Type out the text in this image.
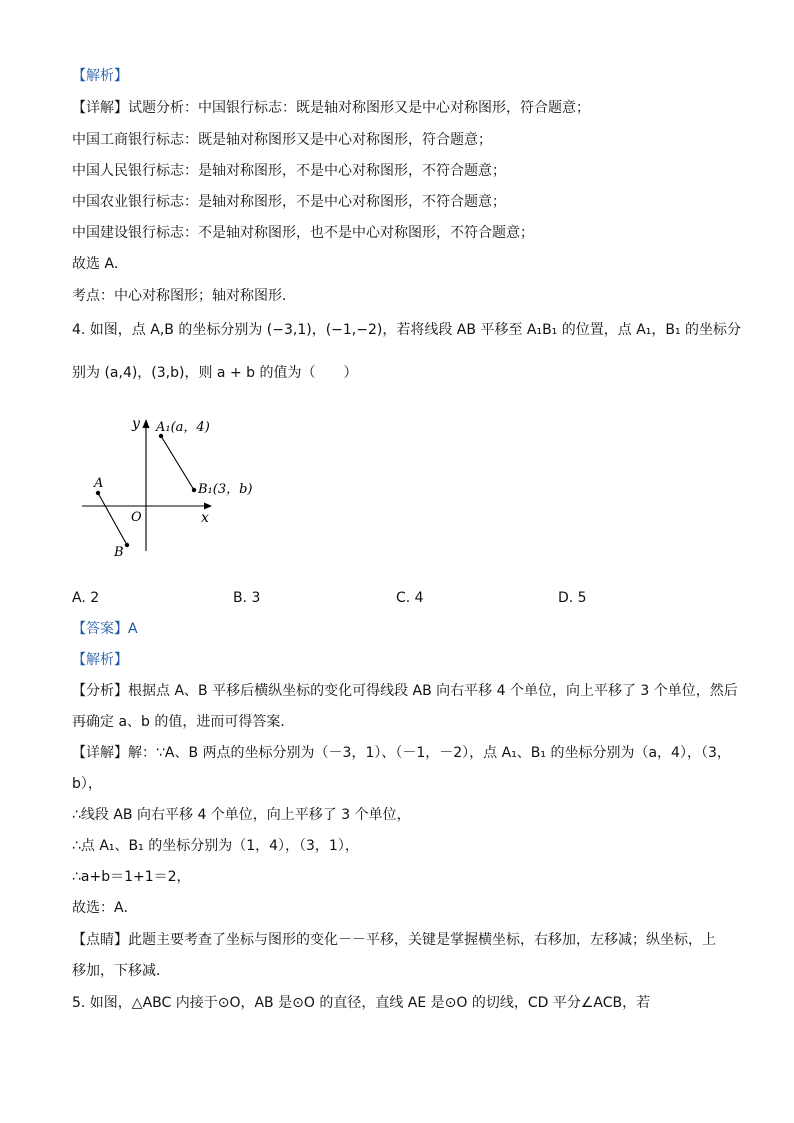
【解析】
【详解】试题分析：中国银行标志：既是轴对称图形又是中心对称图形，符合题意；
中国工商银行标志：既是轴对称图形又是中心对称图形，符合题意；
中国人民银行标志：是轴对称图形，不是中心对称图形，不符合题意；
中国农业银行标志：是轴对称图形，不是中心对称图形，不符合题意；
中国建设银行标志：不是轴对称图形，也不是中心对称图形，不符合题意；
故选 A．
考点：中心对称图形；轴对称图形．
4. 如图，点 A,B 的坐标分别为 (−3,1)，(−1,−2)，若将线段 AB 平移至 A₁B₁ 的位置，点 A₁，B₁ 的坐标分
别为 (a,4)，(3,b)，则 a + b 的值为（　　）
y
x
O
A
B
A₁(a，4)
B₁(3，b)
A. 2	B. 3	C. 4	D. 5
【答案】A
【解析】
【分析】根据点 A、B 平移后横纵坐标的变化可得线段 AB 向右平移 4 个单位，向上平移了 3 个单位，然后
再确定 a、b 的值，进而可得答案．
【详解】解：∵A、B 两点的坐标分别为（－3，1）、（－1，－2），点 A₁、B₁ 的坐标分别为（a，4），（3，
b），
∴线段 AB 向右平移 4 个单位，向上平移了 3 个单位，
∴点 A₁、B₁ 的坐标分别为（1，4），（3，1），
∴a+b＝1+1＝2，
故选：A．
【点睛】此题主要考查了坐标与图形的变化－－平移，关键是掌握横坐标，右移加，左移减；纵坐标，上
移加，下移减．
5. 如图，△ABC 内接于⊙O，AB 是⊙O 的直径，直线 AE 是⊙O 的切线，CD 平分∠ACB，若
